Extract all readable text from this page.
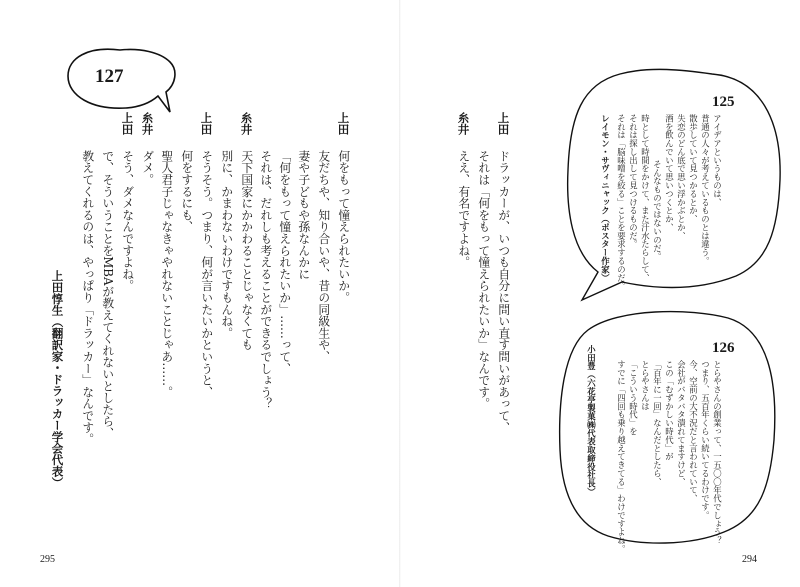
127
上田
糸井
上田
糸井
上田
何をもって憧えられたいか。
友だちや、知り合いや、昔の同級生や、
妻や子どもや孫なんかに
「何をもって憧えられたいか」……って、
それは、だれしも考えることができるでしょう？
天下国家にかかわることじゃなくても
別に、かまわないわけですもんね。
そうそう。つまり、何が言いたいかというと、
何をするにも、
聖人君子じゃなきゃやれないことじゃあ……。
ダメ。
そう、ダメなんですよね。
で、そういうことをMBAが教えてくれないとしたら、
教えてくれるのは、やっぱり「ドラッカー」なんです。
上田惇生（翻訳家・ドラッカー学会代表）
295
上田
糸井
ドラッカーが、いつも自分に問い直す問いがあって、
それは「何をもって憧えられたいか」なんです。
ええ、有名ですよね。
125
アイデアというものは、
普通の人々が考えているものとは違う。
散歩していて見つかるとか、
失恋のどん底で思い浮かぶとか、
酒を飲んでいて思いつくとか、
そんなものではないのだ。
時として時間をかけて、また汗水たらして、
それは探し出して見つけるものだ。
それは「脳味噌を絞る」ことを要求するのだ。
レイモン・サヴィニャック（ポスター作家）
126
とらやさんの創業って、一五〇〇年代でしょう？
つまり、五百年くらい続いてるわけです。
今、空前の大不況だと言われていて、
会社がバタバタ潰れてますけど、
この「むずかしい時代」が
「百年に一回」なんだとしたら、
とらやさんは
「こういう時代」を
すでに「四回も乗り越えてきてる」わけですよね。
小田豊（六花亭製菓㈱代表取締役社長）
294
